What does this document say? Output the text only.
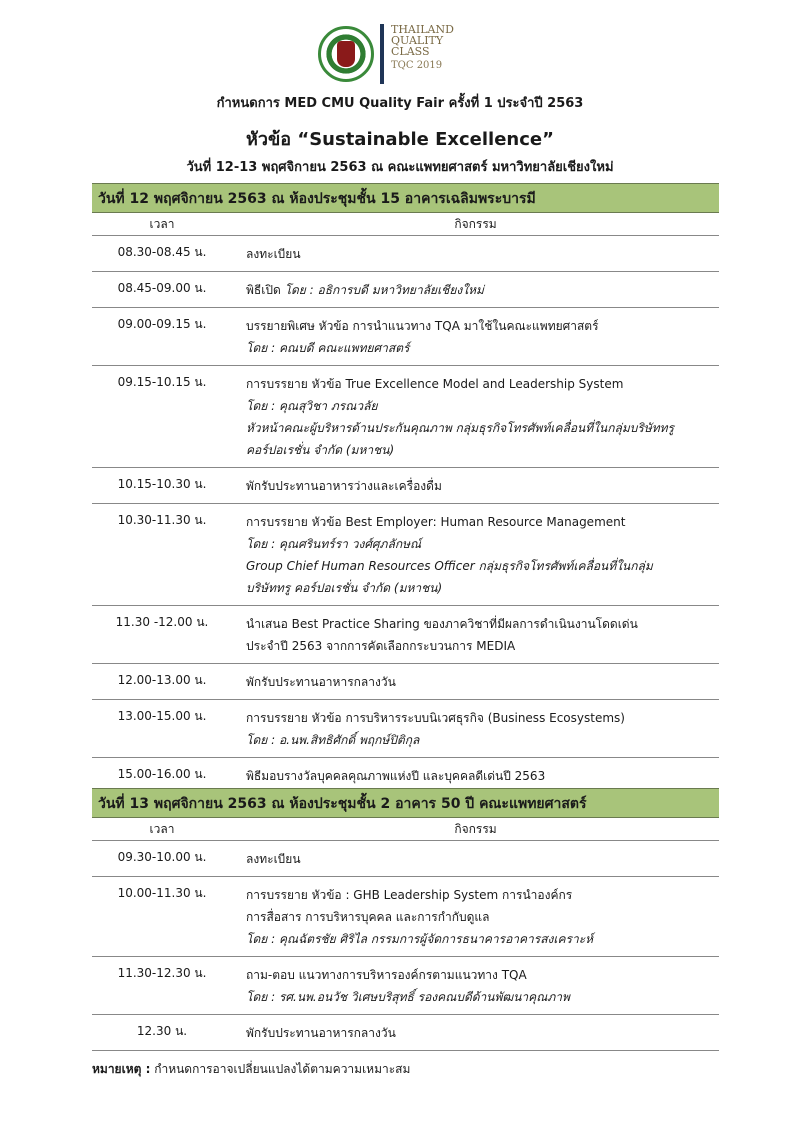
THAILAND
QUALITY
CLASS
TQC 2019
กำหนดการ MED CMU Quality Fair ครั้งที่ 1 ประจำปี 2563
หัวข้อ “Sustainable Excellence”
วันที่ 12-13 พฤศจิกายน 2563 ณ คณะแพทยศาสตร์ มหาวิทยาลัยเชียงใหม่
วันที่ 12 พฤศจิกายน 2563 ณ ห้องประชุมชั้น 15 อาคารเฉลิมพระบารมี
เวลา	กิจกรรม
08.30-08.45 น.	ลงทะเบียน
08.45-09.00 น.	พิธีเปิด โดย : อธิการบดี มหาวิทยาลัยเชียงใหม่
09.00-09.15 น.	บรรยายพิเศษ หัวข้อ การนำแนวทาง TQA มาใช้ในคณะแพทยศาสตร์
โดย : คณบดี คณะแพทยศาสตร์
09.15-10.15 น.	การบรรยาย หัวข้อ True Excellence Model and Leadership System
โดย : คุณสุวิชา ภรณวลัย
หัวหน้าคณะผู้บริหารด้านประกันคุณภาพ กลุ่มธุรกิจโทรศัพท์เคลื่อนที่ในกลุ่มบริษัททรู
คอร์ปอเรชั่น จำกัด (มหาชน)
10.15-10.30 น.	พักรับประทานอาหารว่างและเครื่องดื่ม
10.30-11.30 น.	การบรรยาย หัวข้อ Best Employer: Human Resource Management
โดย : คุณศรินทร์รา วงศ์ศุภลักษณ์
Group Chief Human Resources Officer กลุ่มธุรกิจโทรศัพท์เคลื่อนที่ในกลุ่ม
บริษัททรู คอร์ปอเรชั่น จำกัด (มหาชน)
11.30 -12.00 น.	นำเสนอ Best Practice Sharing ของภาควิชาที่มีผลการดำเนินงานโดดเด่น
ประจำปี 2563 จากการคัดเลือกกระบวนการ MEDIA
12.00-13.00 น.	พักรับประทานอาหารกลางวัน
13.00-15.00 น.	การบรรยาย หัวข้อ การบริหารระบบนิเวศธุรกิจ (Business Ecosystems)
โดย : อ.นพ.สิทธิศักดิ์ พฤกษ์ปิติกุล
15.00-16.00 น.	พิธีมอบรางวัลบุคคลคุณภาพแห่งปี และบุคคลดีเด่นปี 2563
วันที่ 13 พฤศจิกายน 2563 ณ ห้องประชุมชั้น 2 อาคาร 50 ปี คณะแพทยศาสตร์
เวลา	กิจกรรม
09.30-10.00 น.	ลงทะเบียน
10.00-11.30 น.	การบรรยาย หัวข้อ : GHB Leadership System การนำองค์กร
การสื่อสาร การบริหารบุคคล และการกำกับดูแล
โดย : คุณฉัตรชัย ศิริไล กรรมการผู้จัดการธนาคารอาคารสงเคราะห์
11.30-12.30 น.	ถาม-ตอบ แนวทางการบริหารองค์กรตามแนวทาง TQA
โดย : รศ.นพ.อนวัช วิเศษบริสุทธิ์ รองคณบดีด้านพัฒนาคุณภาพ
12.30 น.	พักรับประทานอาหารกลางวัน
หมายเหตุ : กำหนดการอาจเปลี่ยนแปลงได้ตามความเหมาะสม
